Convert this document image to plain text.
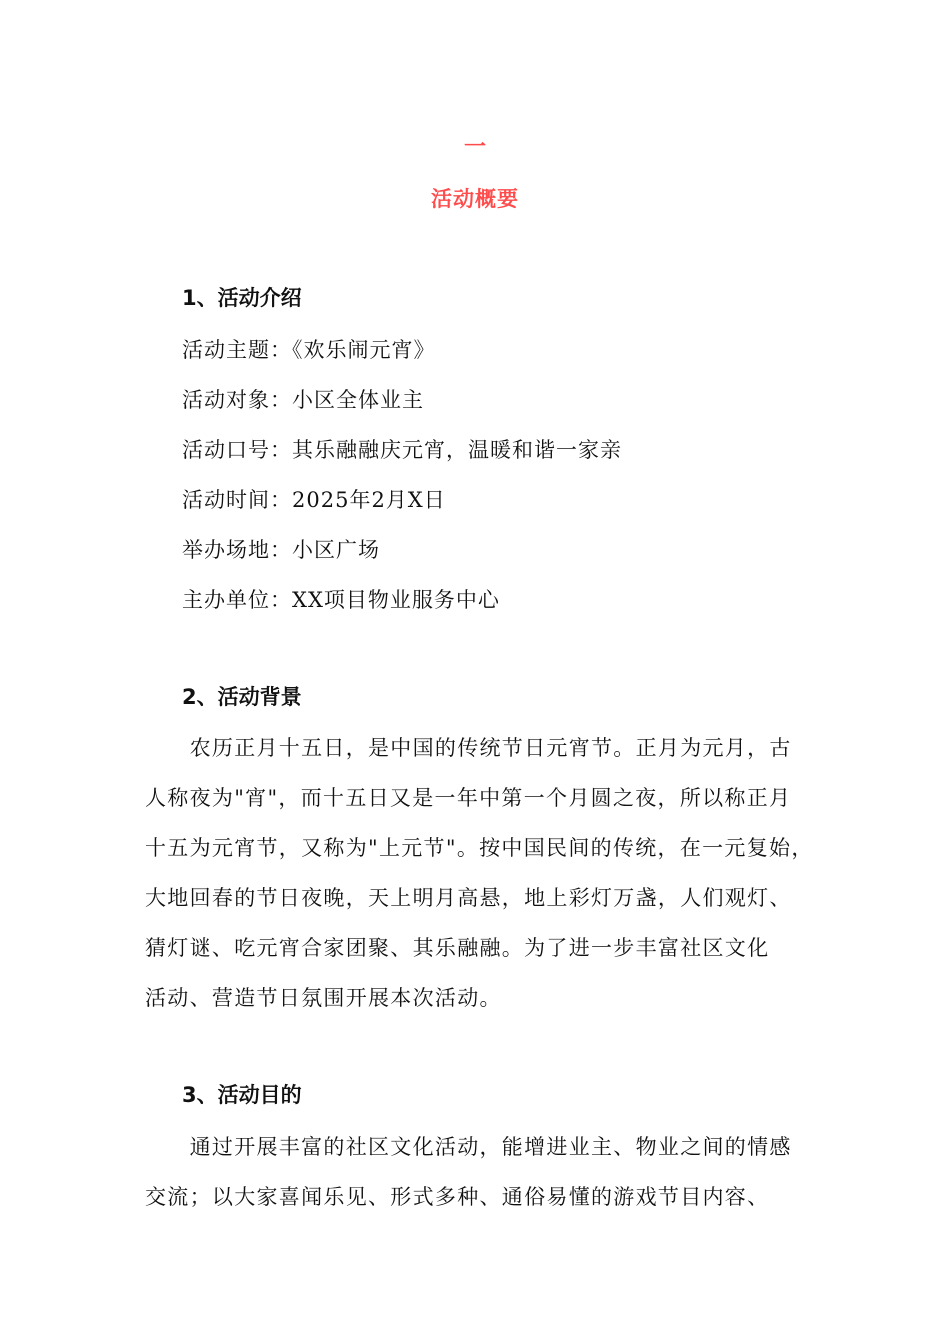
一
活动概要
1、活动介绍
活动主题：《欢乐闹元宵》
活动对象：小区全体业主
活动口号：其乐融融庆元宵，温暖和谐一家亲
活动时间：2025年2月X日
举办场地：小区广场
主办单位：XX项目物业服务中心
2、活动背景

　　农历正月十五日，是中国的传统节日元宵节。正月为元月，古
人称夜为"宵"，而十五日又是一年中第一个月圆之夜，所以称正月
十五为元宵节，又称为"上元节"。按中国民间的传统，在一元复始，
大地回春的节日夜晚，天上明月高悬，地上彩灯万盏，人们观灯、
猜灯谜、吃元宵合家团聚、其乐融融。为了进一步丰富社区文化
活动、营造节日氛围开展本次活动。

3、活动目的

　　通过开展丰富的社区文化活动，能增进业主、物业之间的情感
交流；以大家喜闻乐见、形式多种、通俗易懂的游戏节目内容、
